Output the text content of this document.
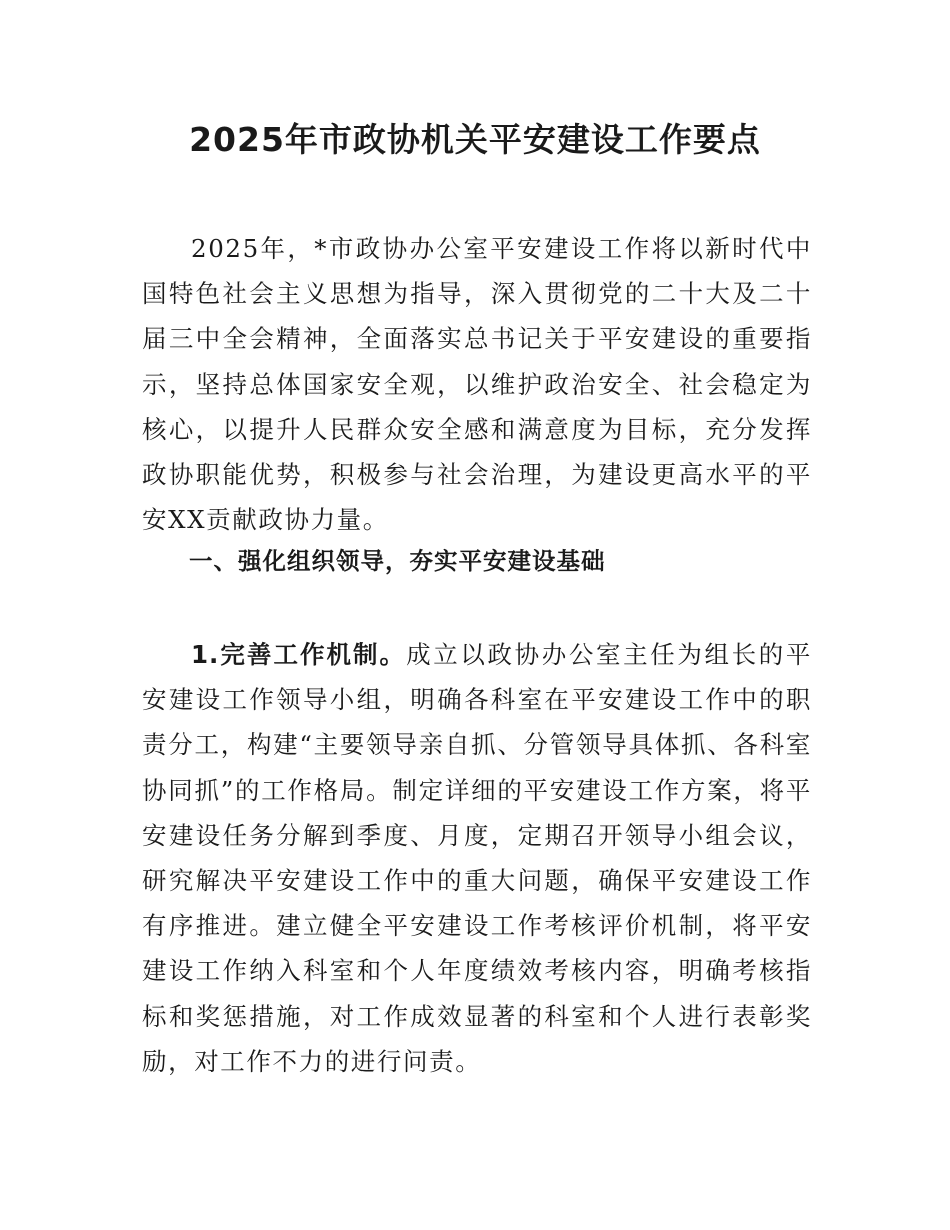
2025年市政协机关平安建设工作要点

2025年，*市政协办公室平安建设工作将以新时代中国特色社会主义思想为指导，深入贯彻党的二十大及二十届三中全会精神，全面落实总书记关于平安建设的重要指示，坚持总体国家安全观，以维护政治安全、社会稳定为核心，以提升人民群众安全感和满意度为目标，充分发挥政协职能优势，积极参与社会治理，为建设更高水平的平安XX贡献政协力量。

一、强化组织领导，夯实平安建设基础

1.完善工作机制。成立以政协办公室主任为组长的平安建设工作领导小组，明确各科室在平安建设工作中的职责分工，构建“主要领导亲自抓、分管领导具体抓、各科室协同抓”的工作格局。制定详细的平安建设工作方案，将平安建设任务分解到季度、月度，定期召开领导小组会议，研究解决平安建设工作中的重大问题，确保平安建设工作有序推进。建立健全平安建设工作考核评价机制，将平安建设工作纳入科室和个人年度绩效考核内容，明确考核指标和奖惩措施，对工作成效显著的科室和个人进行表彰奖励，对工作不力的进行问责。
